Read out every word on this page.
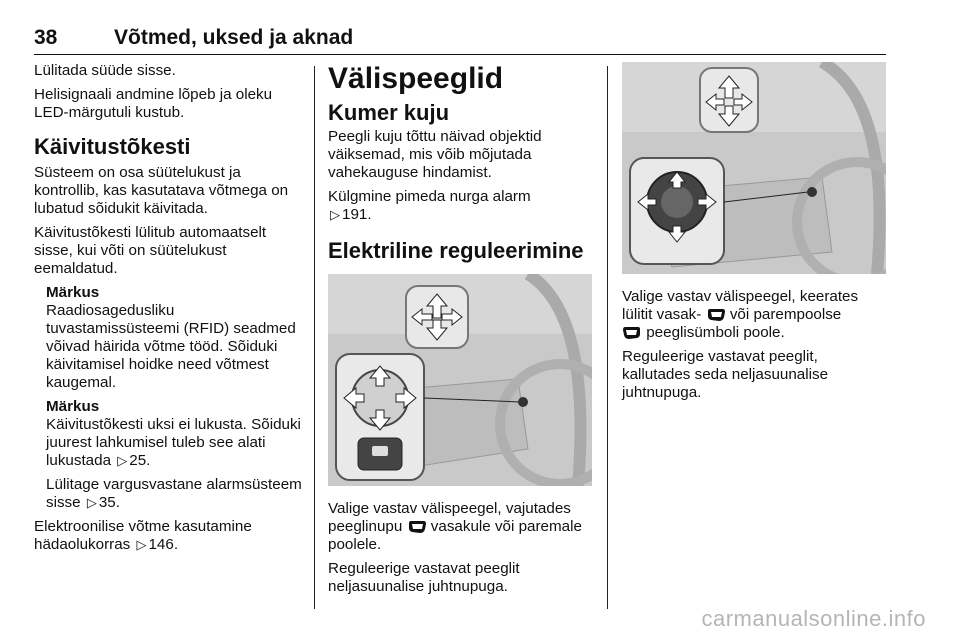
38	Võtmed, uksed ja aknad

Lülitada süüde sisse.

Helisignaali andmine lõpeb ja oleku LED-märgutuli kustub.

Käivitustõkesti

Süsteem on osa süütelukust ja kontrollib, kas kasutatava võtmega on lubatud sõidukit käivitada.

Käivitustõkesti lülitub automaatselt sisse, kui võti on süütelukust eemaldatud.

Märkus

Raadiosagedusliku tuvastamissüsteemi (RFID) seadmed võivad häirida võtme tööd. Sõiduki käivitamisel hoidke need võtmest kaugemal.

Märkus

Käivitustõkesti uksi ei lukusta. Sõiduki juurest lahkumisel tuleb see alati lukustada ▷ 25.

Lülitage vargusvastane alarmsüsteem sisse ▷ 35.

Elektroonilise võtme kasutamine hädaolukorras ▷ 146.

Välispeeglid
Kumer kuju

Peegli kuju tõttu näivad objektid väiksemad, mis võib mõjutada vahekauguse hindamist.

Külgmine pimeda nurga alarm
▷ 191.

Elektriline reguleerimine

Valige vastav välispeegel, vajutades peeglinupu vasakule või paremale poolele.

Reguleerige vastavat peeglit neljasuunalise juhtnupuga.

Valige vastav välispeegel, keerates lülitit vasak- või parempoolse
peeglisümboli poole.

Reguleerige vastavat peeglit, kallutades seda neljasuunalise juhtnupuga.

carmanualsonline.info
